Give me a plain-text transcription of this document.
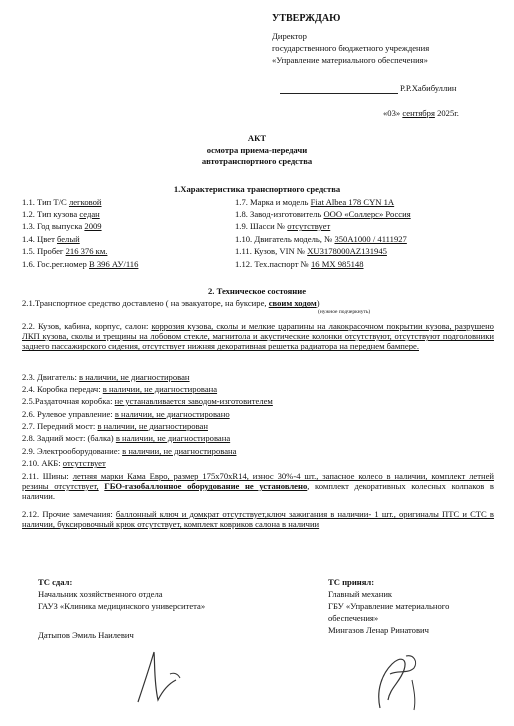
УТВЕРЖДАЮ
Директор
государственного бюджетного учреждения
«Управление материального обеспечения»
Р.Р.Хабибуллин
«03» сентября 2025г.
АКТ
осмотра приема-передачи
автотранспортного средства
1.Характеристика транспортного средства
1.1. Тип Т/С легковой
1.2. Тип кузова седан
1.3. Год выпуска 2009
1.4. Цвет белый
1.5. Пробег 216 376 км.
1.6. Гос.рег.номер В 396 АУ/116
1.7. Марка и модель Fiat Albea 178 CYN 1A
1.8. Завод-изготовитель ООО «Соллерс» Россия
1.9. Шасси № отсутствует
1.10. Двигатель модель, № 350А1000 / 4111927
1.11. Кузов, VIN № XU3178000AZ131945
1.12. Тех.паспорт № 16 МХ 985148
2. Техническое состояние
2.1.Транспортное средство доставлено ( на эвакуаторе, на буксире, своим ходом)
(нужное подчеркнуть)
2.2. Кузов, кабина, корпус, салон: коррозия кузова, сколы и мелкие царапины на лакокрасочном покрытии кузова, разрушено ЛКП кузова, сколы и трещины на лобовом стекле, магнитола и акустические колонки отсутствуют, отсутствуют подголовники заднего пассажирского сидения, отсутствует нижняя декоративная решетка радиатора на переднем бампере.
2.3. Двигатель: в наличии, не диагностирован
2.4. Коробка передач: в наличии, не диагностирована
2.5.Раздаточная коробка: не устанавливается заводом-изготовителем
2.6. Рулевое управление: в наличии, не диагностировано
2.7. Передний мост: в наличии, не диагностирован
2.8. Задний мост: (балка) в наличии, не диагностирована
2.9. Электрооборудование: в наличии, не диагностирована
2.10. АКБ: отсутствует
2.11. Шины: летняя марки Кама Евро, размер 175х70хR14, износ 30%-4 шт., запасное колесо в наличии, комплект летней резины отсутствует, ГБО-газобаллонное оборудование не установлено, комплект декоративных колесных колпаков в наличии.
2.12. Прочие замечания: баллонный ключ и домкрат отсутствует,ключ зажигания в наличии- 1 шт., оригиналы ПТС и СТС в наличии, буксировочный крюк отсутствует, комплект ковриков салона в наличии
ТС сдал:
Начальник хозяйственного отдела
ГАУЗ «Клиника медицинского университета»
Датыпов Эмиль Наилевич
ТС принял:
Главный механик
ГБУ «Управление материального
обеспечения»
Мингазов Ленар Ринатович
